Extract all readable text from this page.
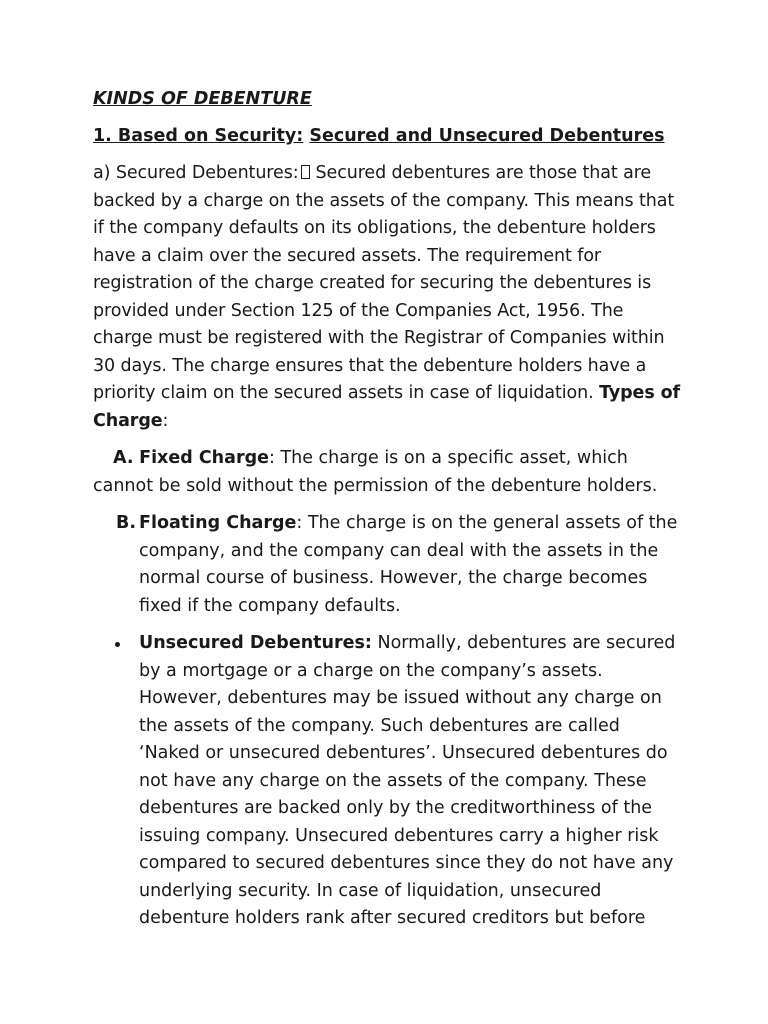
KINDS OF DEBENTURE
1. Based on Security: Secured and Unsecured Debentures

a) Secured Debentures: Secured debentures are those that are backed by a charge on the assets of the company. This means that if the company defaults on its obligations, the debenture holders have a claim over the secured assets. The requirement for registration of the charge created for securing the debentures is provided under Section 125 of the Companies Act, 1956. The charge must be registered with the Registrar of Companies within 30 days. The charge ensures that the debenture holders have a priority claim on the secured assets in case of liquidation. Types of Charge:

A. Fixed Charge: The charge is on a specific asset, which cannot be sold without the permission of the debenture holders.

B. Floating Charge: The charge is on the general assets of the company, and the company can deal with the assets in the normal course of business. However, the charge becomes fixed if the company defaults.

Unsecured Debentures: Normally, debentures are secured by a mortgage or a charge on the company’s assets. However, debentures may be issued without any charge on the assets of the company. Such debentures are called ‘Naked or unsecured debentures’. Unsecured debentures do not have any charge on the assets of the company. These debentures are backed only by the creditworthiness of the issuing company. Unsecured debentures carry a higher risk compared to secured debentures since they do not have any underlying security. In case of liquidation, unsecured debenture holders rank after secured creditors but before
